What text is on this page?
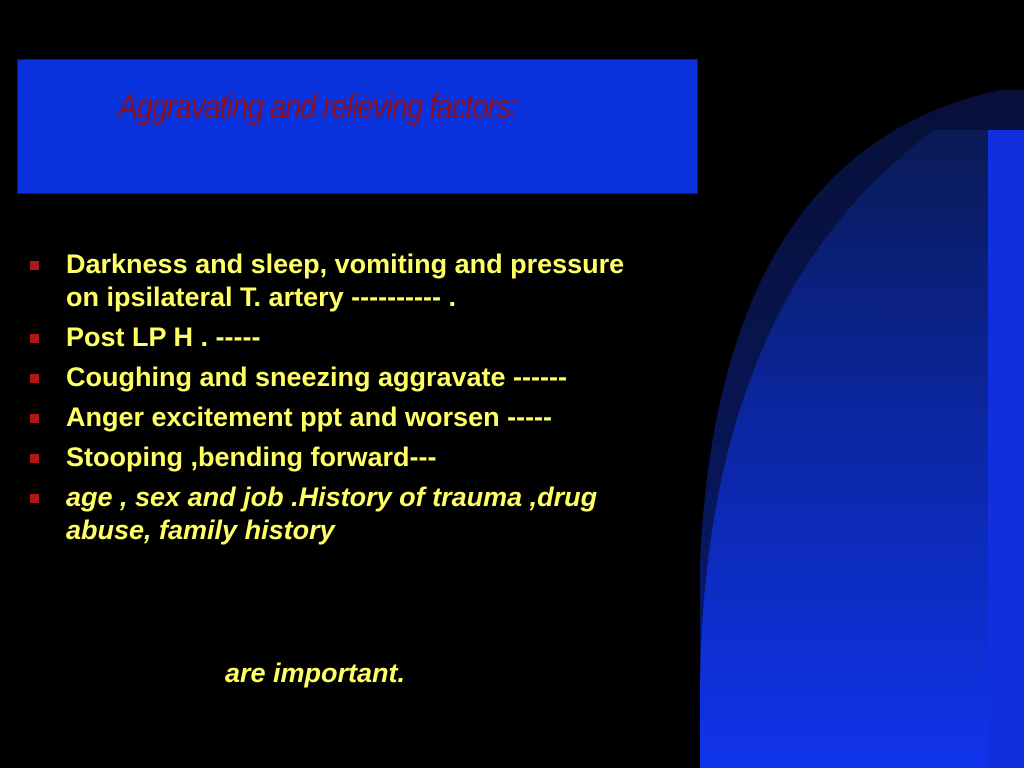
Aggravating and relieving factors:
Darkness and sleep, vomiting and pressure on ipsilateral T. artery ---------- .
Post LP H . -----
Coughing and sneezing aggravate ------
Anger excitement ppt and worsen -----
Stooping ,bending forward---
age , sex and job .History of trauma ,drug abuse, family history

are important.
